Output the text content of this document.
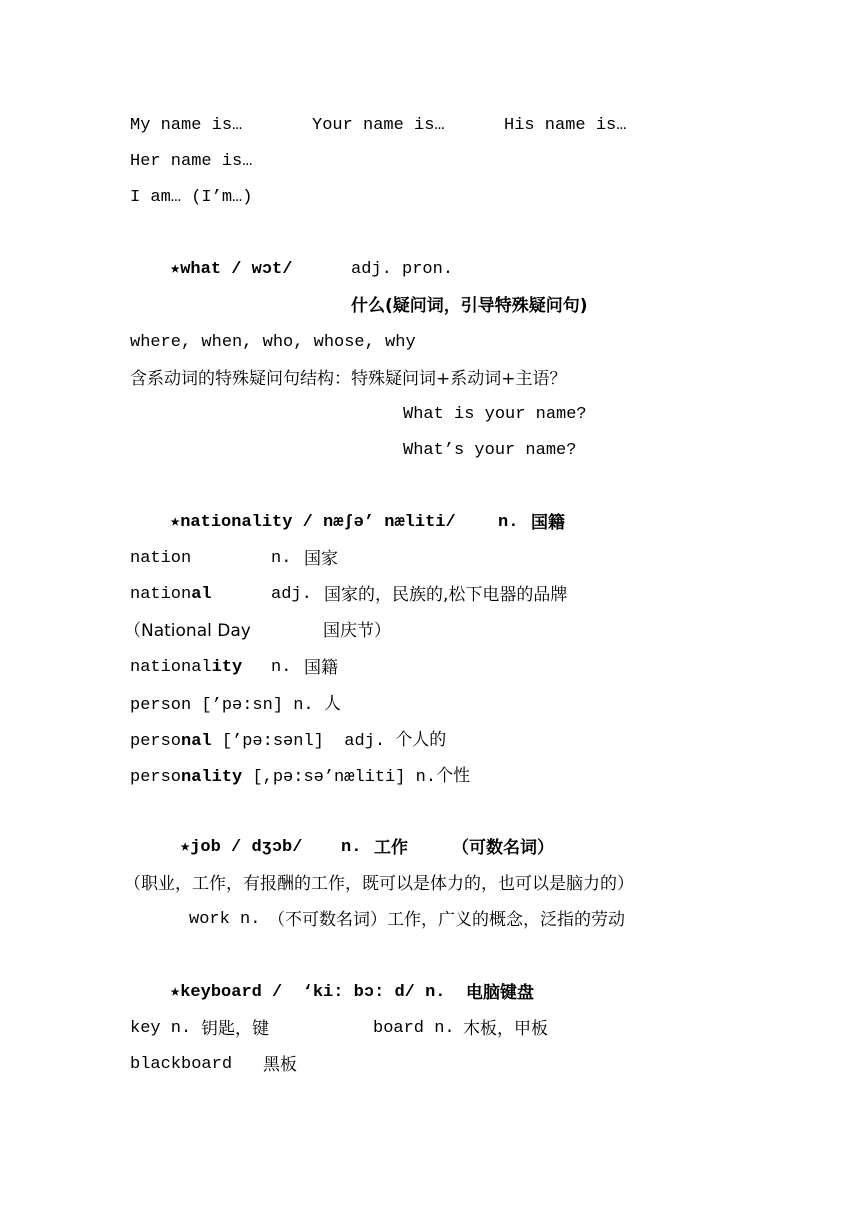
My name is…	Your name is…	His name is…
Her name is…
I am… (I’m…)
★what / wɔt/	adj. pron.
什么(疑问词，引导特殊疑问句)
where, when, who, whose, why
含系动词的特殊疑问句结构：特殊疑问词+系动词+主语？
What is your name?
What’s your name?
★nationality / næʃə’ næliti/ n. 国籍
nation	n. 国家
national	adj. 国家的，民族的,松下电器的品牌
（National Day	国庆节）
nationality n. 国籍
person [’pə:sn] n. 人
personal [’pə:sənl] adj. 个人的
personality [,pə:sə’næliti] n.个性
★job / dʒɔb/ n. 工作	（可数名词）
（职业，工作，有报酬的工作，既可以是体力的，也可以是脑力的）
work n. （不可数名词）工作，广义的概念，泛指的劳动
★keyboard /  ‘ki: bɔ: d/ n. 电脑键盘
key n. 钥匙，键	board n. 木板，甲板
blackboard 黑板
